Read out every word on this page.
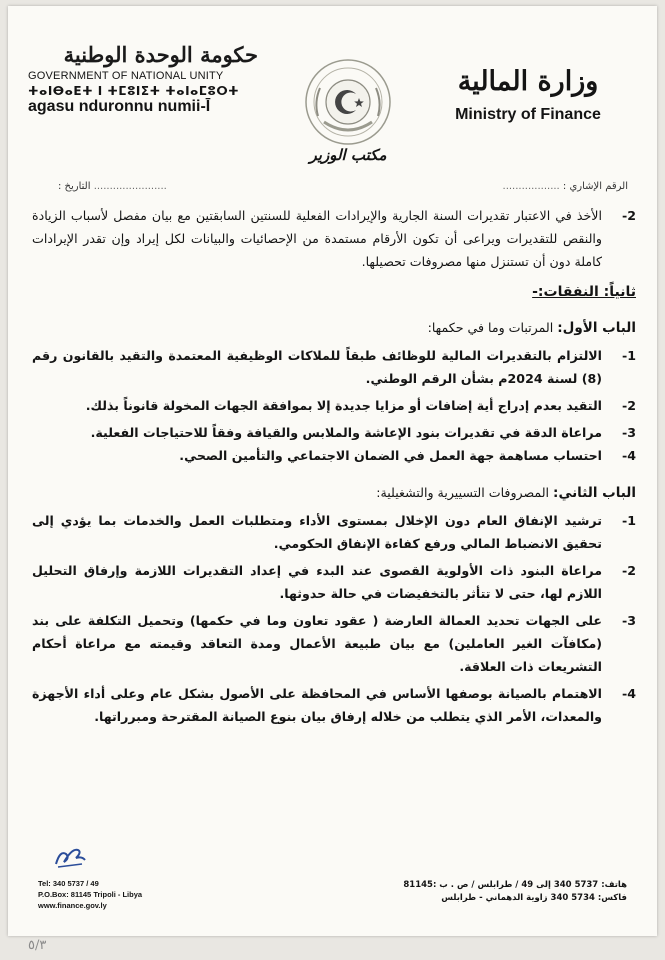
حكومة الوحدة الوطنية
GOVERNMENT OF NATIONAL UNITY
ⵜⴰⵏⴱⴰⴹⵜ ⵏ ⵜⵎⵓⵏⵉⵜ ⵜⴰⵏⴰⵎⵓⵔⵜ
agasu nduronnu numii-Ī
مكتب الوزير
وزارة المالية
Ministry of Finance
....................... التاريخ :	الرقم الإشاري : ..................
2-
الأخذ في الاعتبار تقديرات السنة الجارية والإيرادات الفعلية للسنتين السابقتين مع بيان مفصل لأسباب الزيادة والنقص للتقديرات ويراعى أن تكون الأرقام مستمدة من الإحصائيات والبيانات لكل إيراد وإن تقدر الإيرادات كاملة دون أن تستنزل منها مصروفات تحصيلها.
ثانياً: النفقات:-
الباب الأول: المرتبات وما في حكمها:
1-
الالتزام بالتقديرات المالية للوظائف طبقاً للملاكات الوظيفية المعتمدة والتقيد بالقانون رقم (8) لسنة 2024م بشأن الرقم الوطني.
2-
التقيد بعدم إدراج أية إضافات أو مزايا جديدة إلا بموافقة الجهات المخولة قانوناً بذلك.
3-
مراعاة الدقة في تقديرات بنود الإعاشة والملابس والقيافة وفقاً للاحتياجات الفعلية.
4-
احتساب مساهمة جهة العمل في الضمان الاجتماعي والتأمين الصحي.
الباب الثاني: المصروفات التسييرية والتشغيلية:
1-
ترشيد الإنفاق العام دون الإخلال بمستوى الأداء ومتطلبات العمل والخدمات بما يؤدي إلى تحقيق الانضباط المالي ورفع كفاءة الإنفاق الحكومي.
2-
مراعاة البنود ذات الأولوية القصوى عند البدء في إعداد التقديرات اللازمة وإرفاق التحليل اللازم لها، حتى لا تتأثر بالتخفيضات في حالة حدوثها.
3-
على الجهات تحديد العمالة العارضة ( عقود تعاون وما في حكمها) وتحميل التكلفة على بند (مكافآت الغير العاملين) مع بيان طبيعة الأعمال ومدة التعاقد وقيمته مع مراعاة أحكام التشريعات ذات العلاقة.
4-
الاهتمام بالصيانة بوصفها الأساس في المحافظة على الأصول بشكل عام وعلى أداء الأجهزة والمعدات، الأمر الذي يتطلب من خلاله إرفاق بيان بنوع الصيانة المقترحة ومبرراتها.
Tel: 340 5737 / 49
P.O.Box: 81145 Tripoli - Libya
www.finance.gov.ly
هاتف: 5737 340 إلى 49 / طرابلس / ص . ب :81145
فاكس: 5734 340 زاوية الدهماني - طرابلس
٥/٣
